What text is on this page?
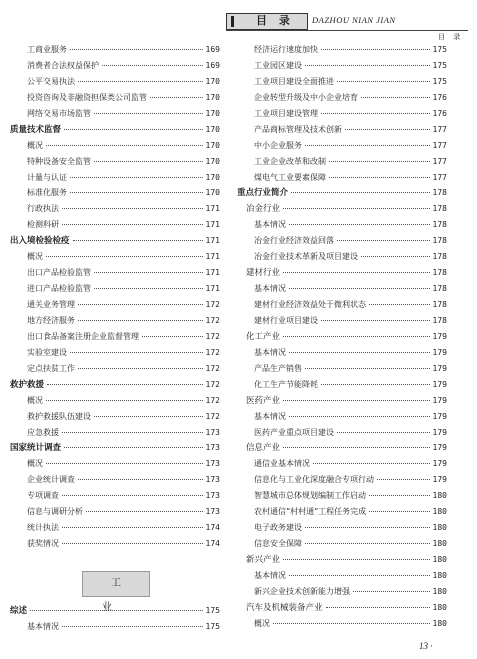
目 录 DAZHOU NIAN JIAN
目 录
工商业服务	169
消费者合法权益保护	169
公平交易执法	170
投资咨询及非融资担保类公司监管	170
网络交易市场监管	170
质量技术监督	170
概况	170
特种设备安全监管	170
计量与认证	170
标准化服务	170
行政执法	171
检测科研	171
出入境检验检疫	171
概况	171
出口产品检验监管	171
进口产品检验监管	171
通关业务管理	172
地方经济服务	172
出口食品备案注册企业监督管理	172
实验室建设	172
定点扶贫工作	172
救护救援	172
概况	172
救护救援队伍建设	172
应急救援	173
国家统计调查	173
概况	173
企业统计调查	173
专项调查	173
信息与调研分析	173
统计执法	174
获奖情况	174
工业
综述	175
基本情况	175
经济运行速度加快	175
工业园区建设	175
工业项目建设全面推进	175
企业转型升级及中小企业培育	176
工业项目建设管理	176
产品商标管理及技术创新	177
中小企业服务	177
工业企业改革和改制	177
煤电气工业要素保障	177
重点行业简介	178
冶金行业	178
基本情况	178
冶金行业经济效益回落	178
冶金行业技术革新及项目建设	178
建材行业	178
基本情况	178
建材行业经济效益处于微利状态	178
建材行业项目建设	178
化工产业	179
基本情况	179
产品生产销售	179
化工生产节能降耗	179
医药产业	179
基本情况	179
医药产业重点项目建设	179
信息产业	179
通信业基本情况	179
信息化与工业化深度融合专项行动	179
智慧城市总体规划编制工作启动	180
农村通信“村村通”工程任务完成	180
电子政务建设	180
信息安全保障	180
新兴产业	180
基本情况	180
新兴企业技术创新能力增强	180
汽车及机械装备产业	180
概况	180
13 ·
